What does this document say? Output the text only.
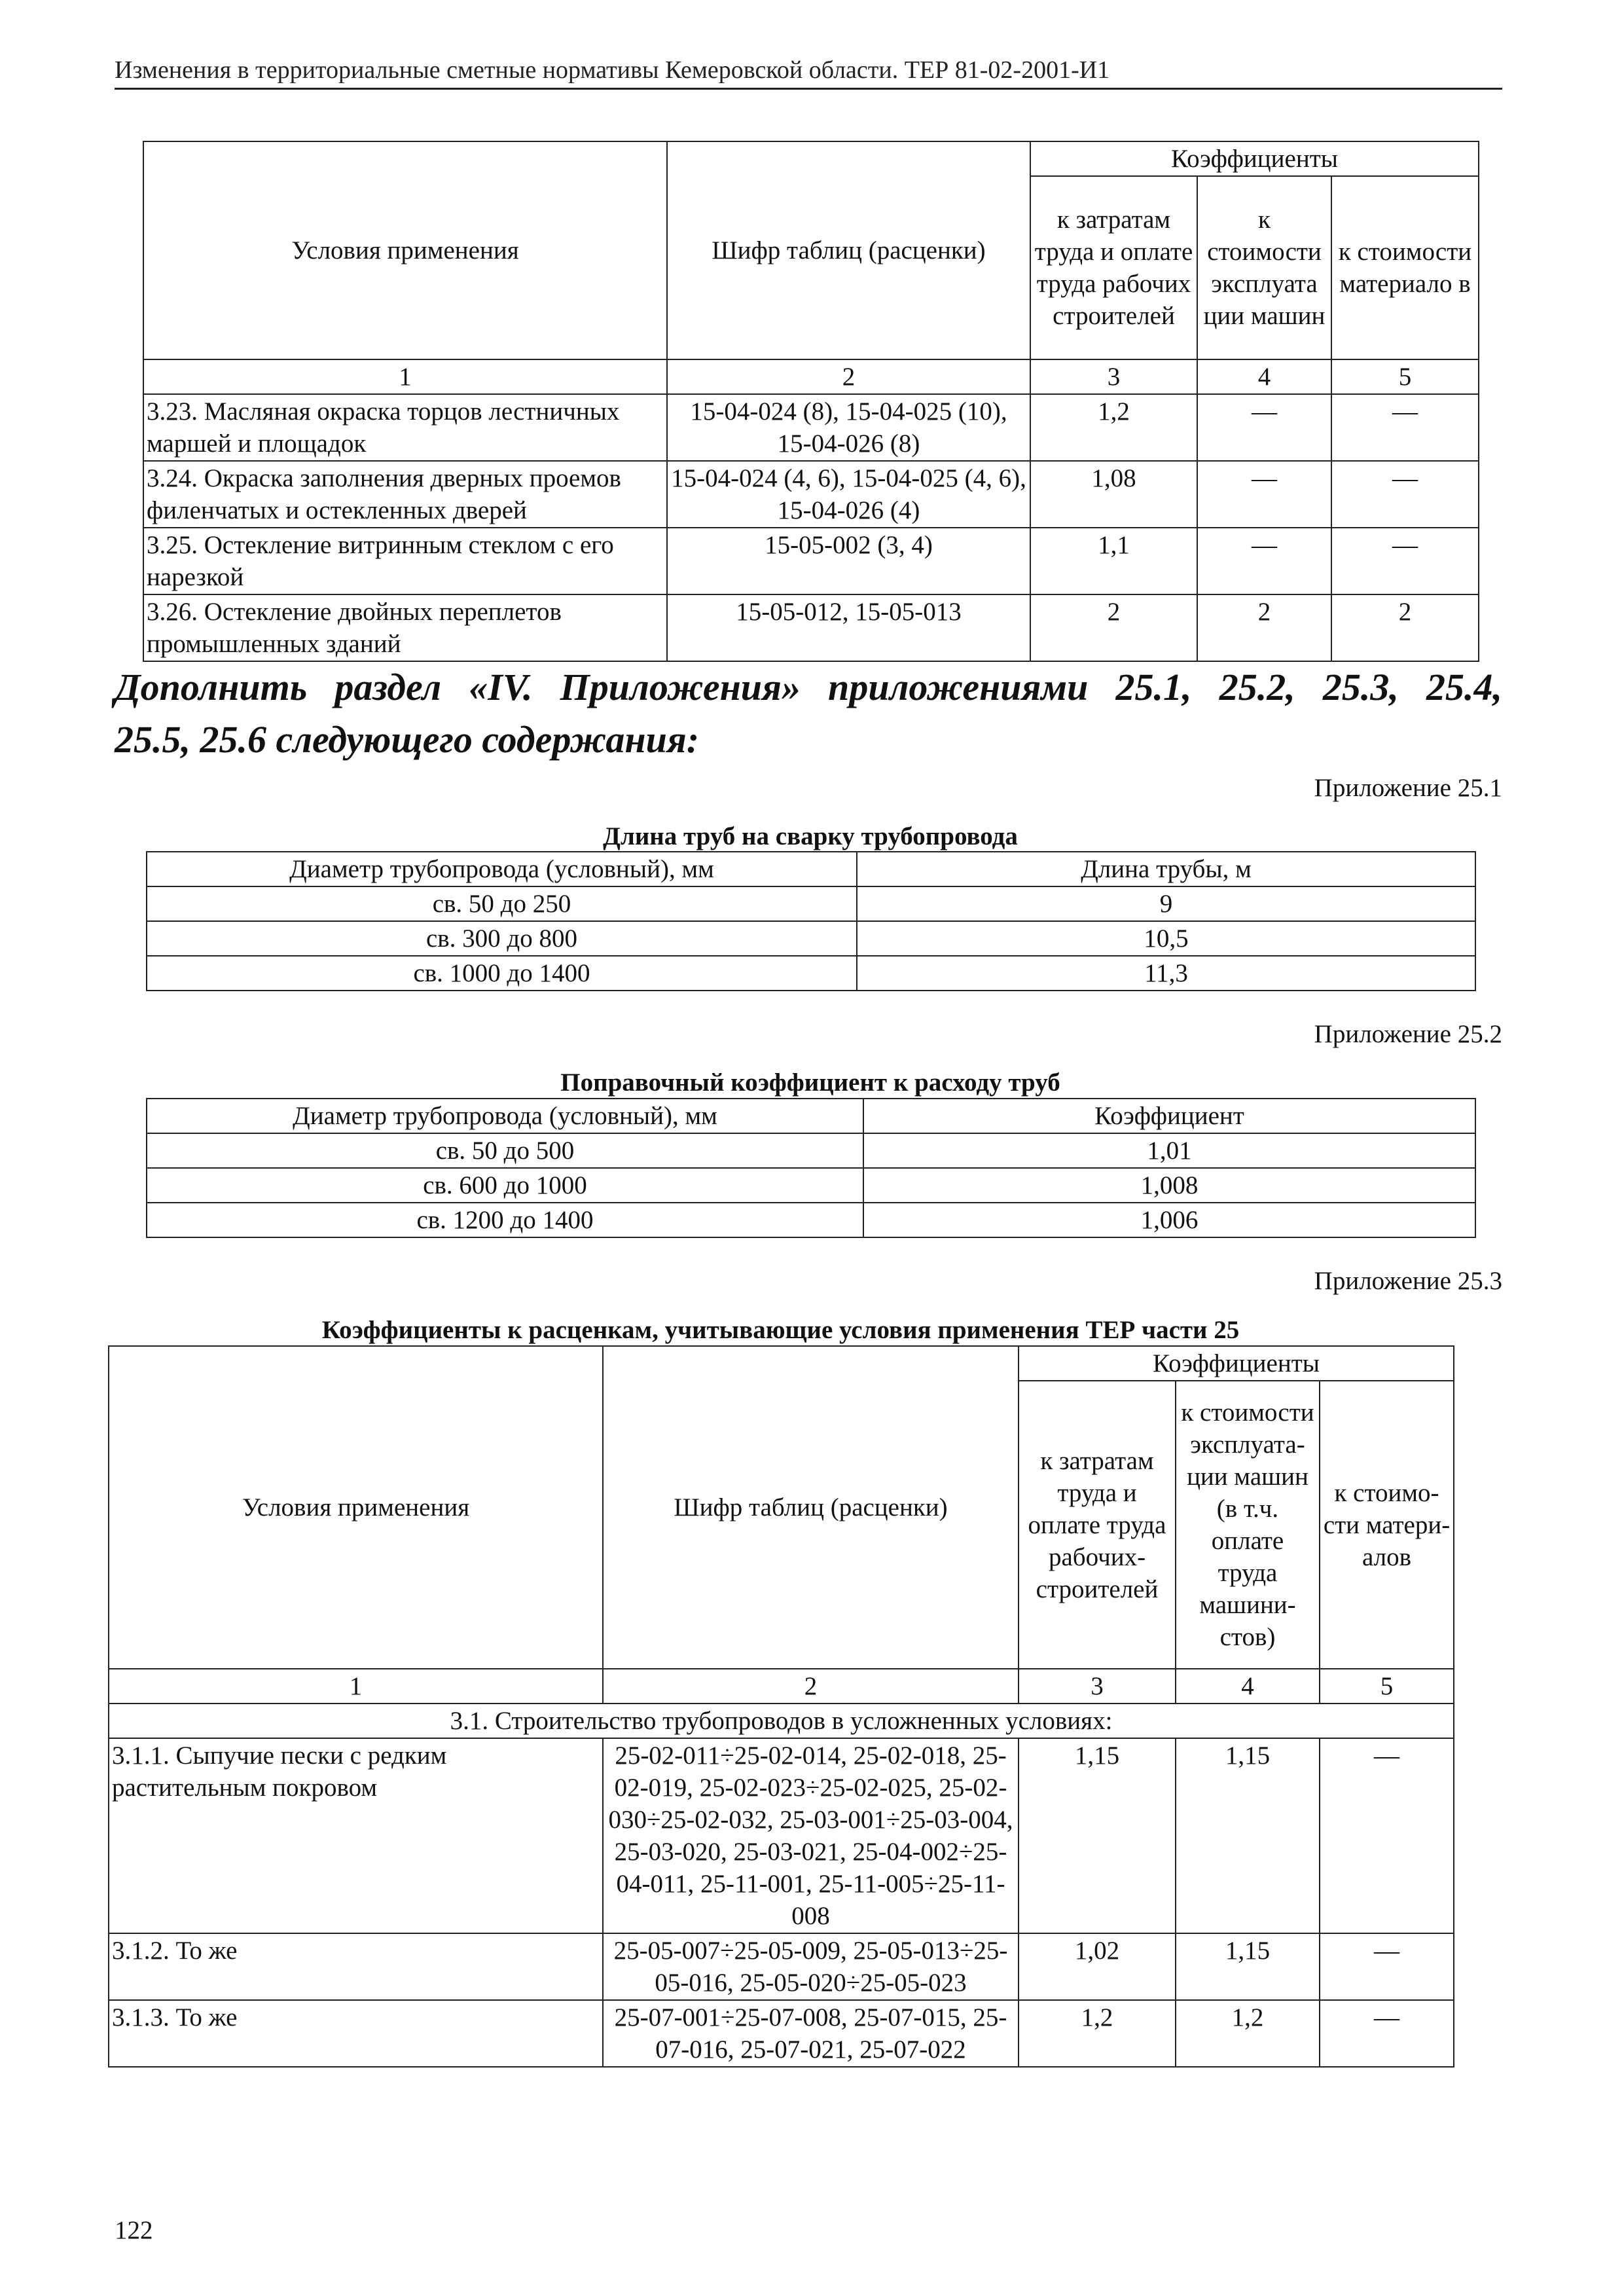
Изменения в территориальные сметные нормативы Кемеровской области. ТЕР 81-02-2001-И1
Условия применения	Шифр таблиц (расценки)	Коэффициенты		
		к затратам труда и оплате труда рабочих строителей	к стоимости эксплуата ции машин	к стоимости материало в
1	2	3	4	5
3.23. Масляная окраска торцов лестничных маршей и площадок	15-04-024 (8), 15-04-025 (10), 15-04-026 (8)	1,2	—	—
3.24. Окраска заполнения дверных проемов филенчатых и остекленных дверей	15-04-024 (4, 6), 15-04-025 (4, 6), 15-04-026 (4)	1,08	—	—
3.25. Остекление витринным стеклом с его нарезкой	15-05-002 (3, 4)	1,1	—	—
3.26. Остекление двойных переплетов промышленных зданий	15-05-012, 15-05-013	2	2	2
Дополнить раздел «IV. Приложения» приложениями 25.1, 25.2, 25.3, 25.4,
25.5, 25.6 следующего содержания:
Приложение 25.1
Длина труб на сварку трубопровода
Диаметр трубопровода (условный), мм	Длина трубы, м
св. 50 до 250	9
св. 300 до 800	10,5
св. 1000 до 1400	11,3
Приложение 25.2
Поправочный коэффициент к расходу труб
Диаметр трубопровода (условный), мм	Коэффициент
св. 50 до 500	1,01
св. 600 до 1000	1,008
св. 1200 до 1400	1,006
Приложение 25.3
Коэффициенты к расценкам, учитывающие условия применения ТЕР части 25
Условия применения	Шифр таблиц (расценки)	Коэффициенты		
		к затратам труда и оплате труда рабочих-строителей	к стоимости эксплуата-ции машин (в т.ч. оплате труда машини-стов)	к стоимо-сти матери-алов
1	2	3	4	5
3.1. Строительство трубопроводов в усложненных условиях:				
3.1.1. Сыпучие пески с редким растительным покровом	25-02-011÷25-02-014, 25-02-018, 25-02-019, 25-02-023÷25-02-025, 25-02-030÷25-02-032, 25-03-001÷25-03-004, 25-03-020, 25-03-021, 25-04-002÷25-04-011, 25-11-001, 25-11-005÷25-11-008	1,15	1,15	—
3.1.2. То же	25-05-007÷25-05-009, 25-05-013÷25-05-016, 25-05-020÷25-05-023	1,02	1,15	—
3.1.3. То же	25-07-001÷25-07-008, 25-07-015, 25-07-016, 25-07-021, 25-07-022	1,2	1,2	—
122
